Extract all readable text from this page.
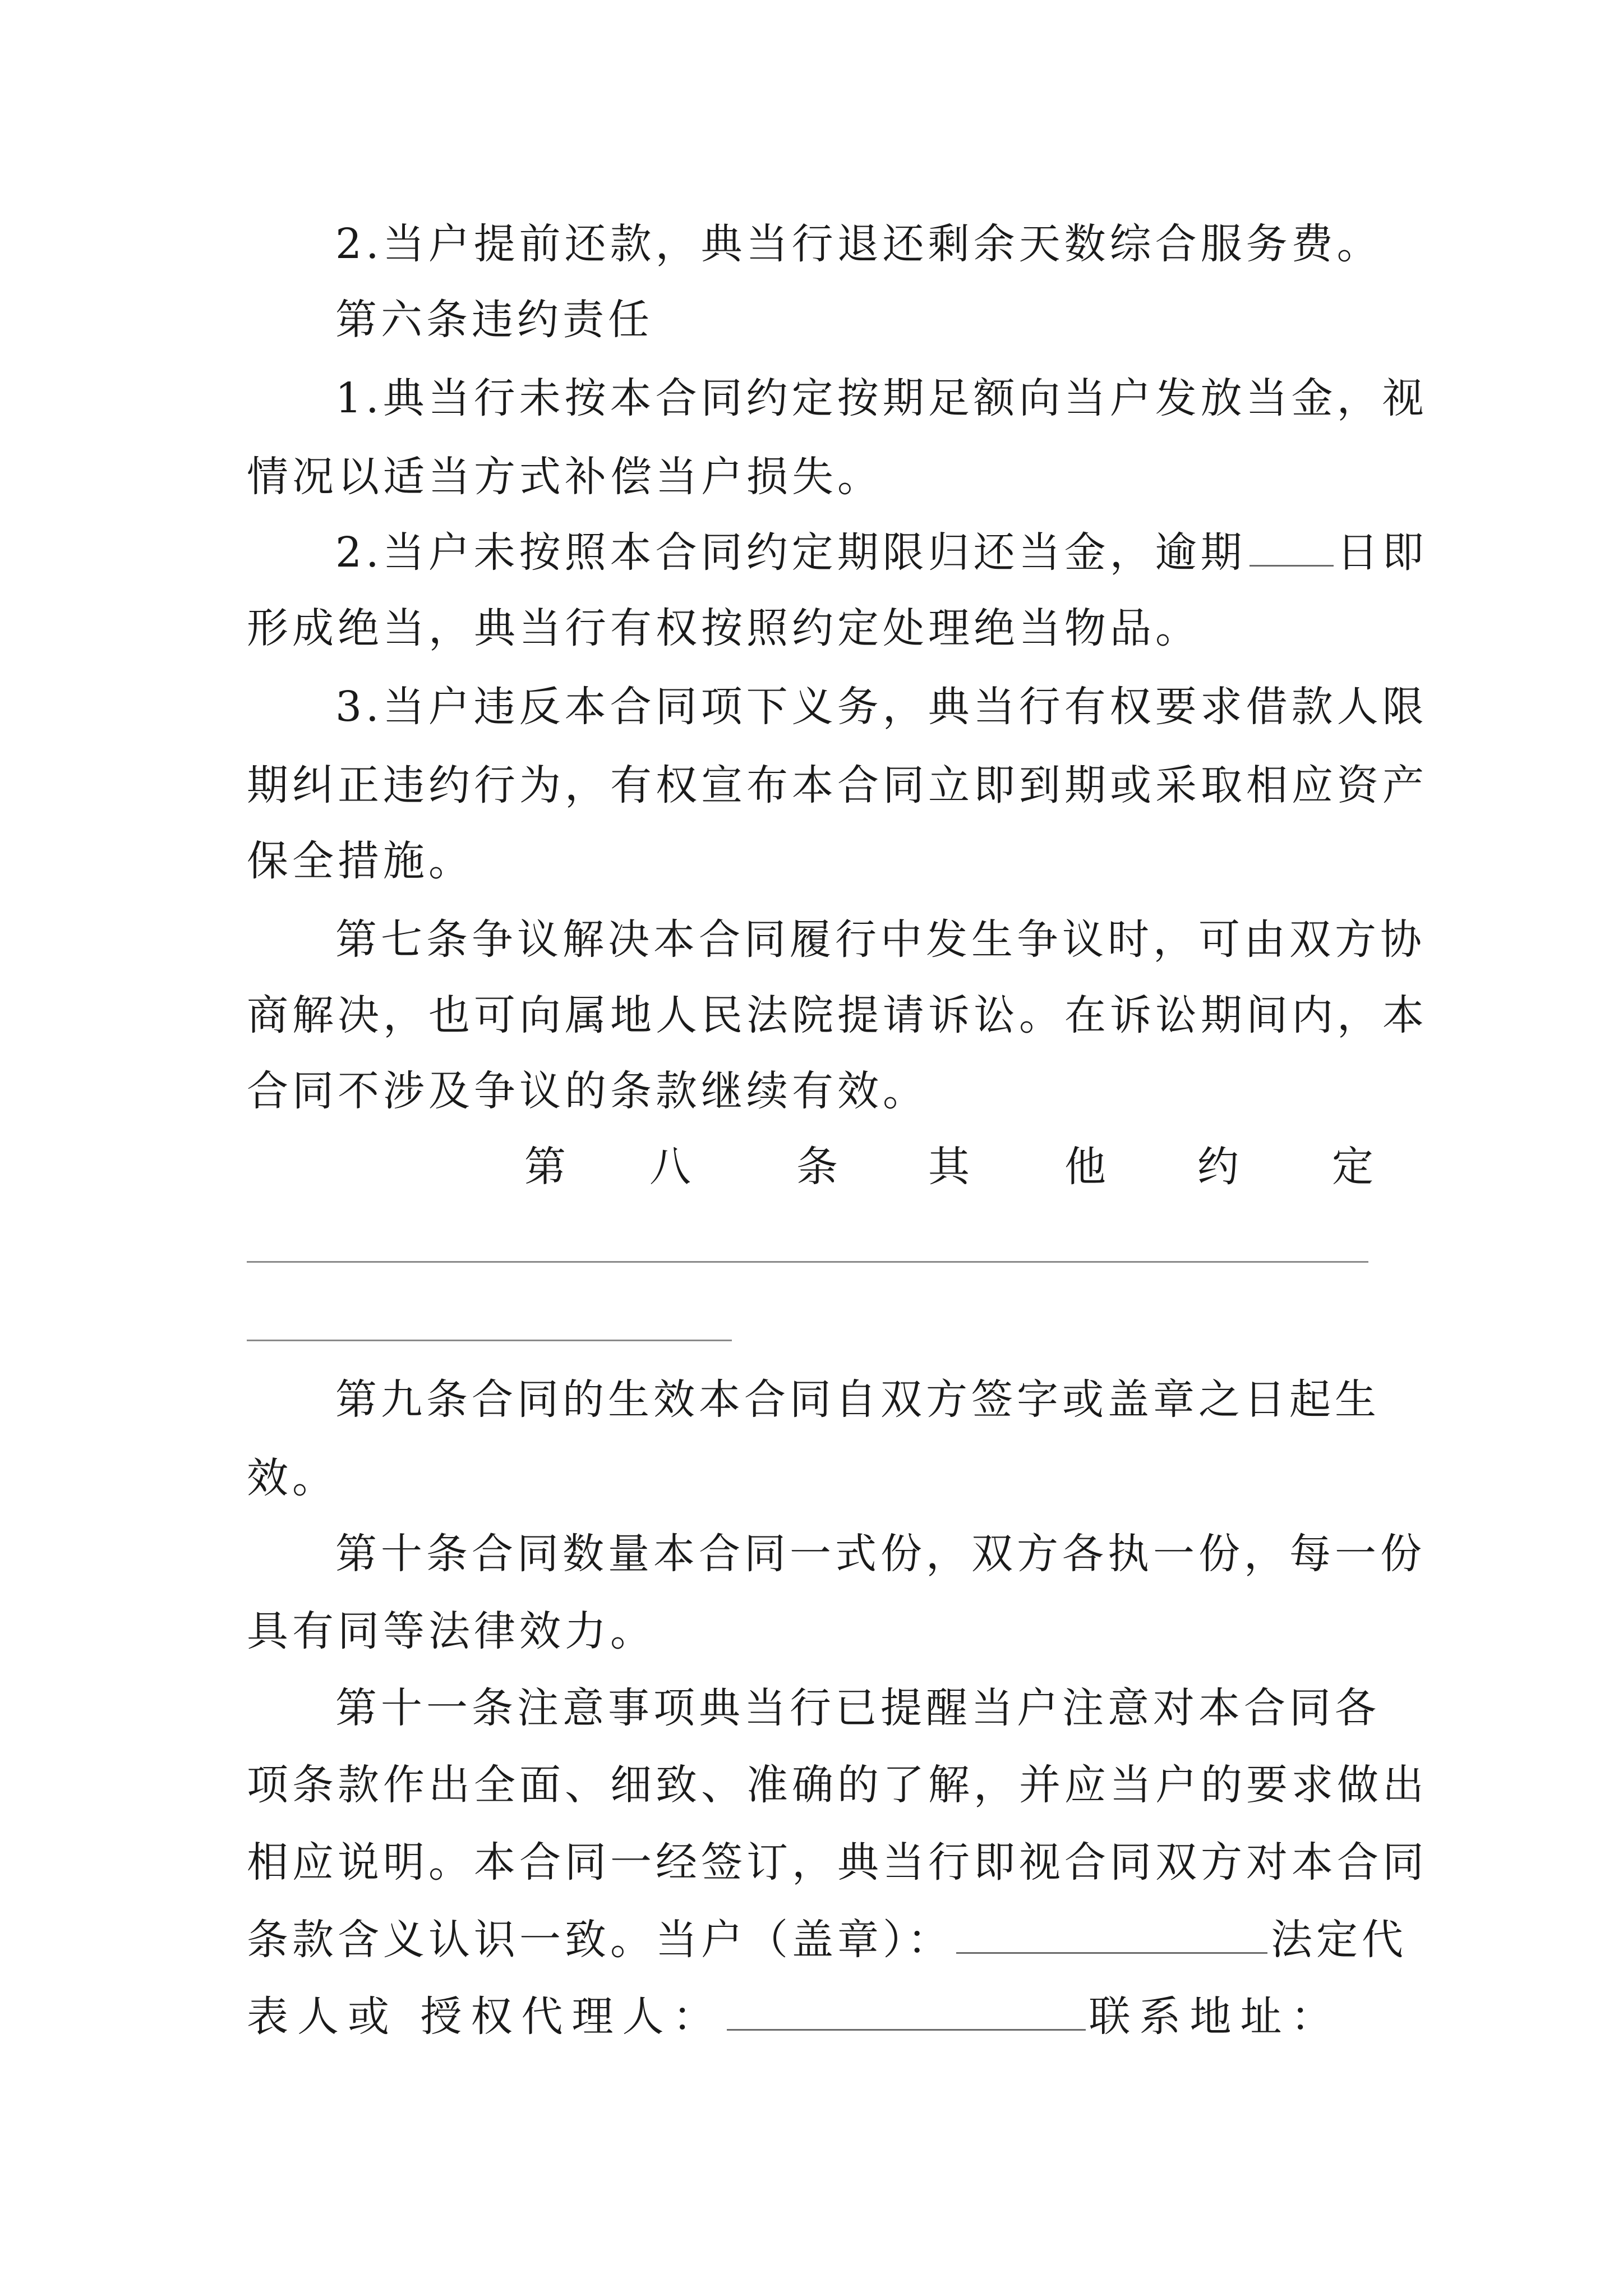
2.当户提前还款，典当行退还剩余天数综合服务费。
第六条违约责任
1.典当行未按本合同约定按期足额向当户发放当金，视
情况以适当方式补偿当户损失。
2.当户未按照本合同约定期限归还当金，逾期 日即
形成绝当，典当行有权按照约定处理绝当物品。
3.当户违反本合同项下义务，典当行有权要求借款人限
期纠正违约行为，有权宣布本合同立即到期或采取相应资产
保全措施。
第七条争议解决本合同履行中发生争议时，可由双方协
商解决，也可向属地人民法院提请诉讼。在诉讼期间内，本
合同不涉及争议的条款继续有效。
第 八	条 其 他 约 定
第九条合同的生效本合同自双方签字或盖章之日起生
效。
第十条合同数量本合同一式份，双方各执一份，每一份
具有同等法律效力。
第十一条注意事项典当行已提醒当户注意对本合同各
项条款作出全面、细致、准确的了解，并应当户的要求做出
相应说明。本合同一经签订，典当行即视合同双方对本合同
条款含义认识一致。当户（盖章）：	法定代
表人或 授权代理人：	联系地址：
